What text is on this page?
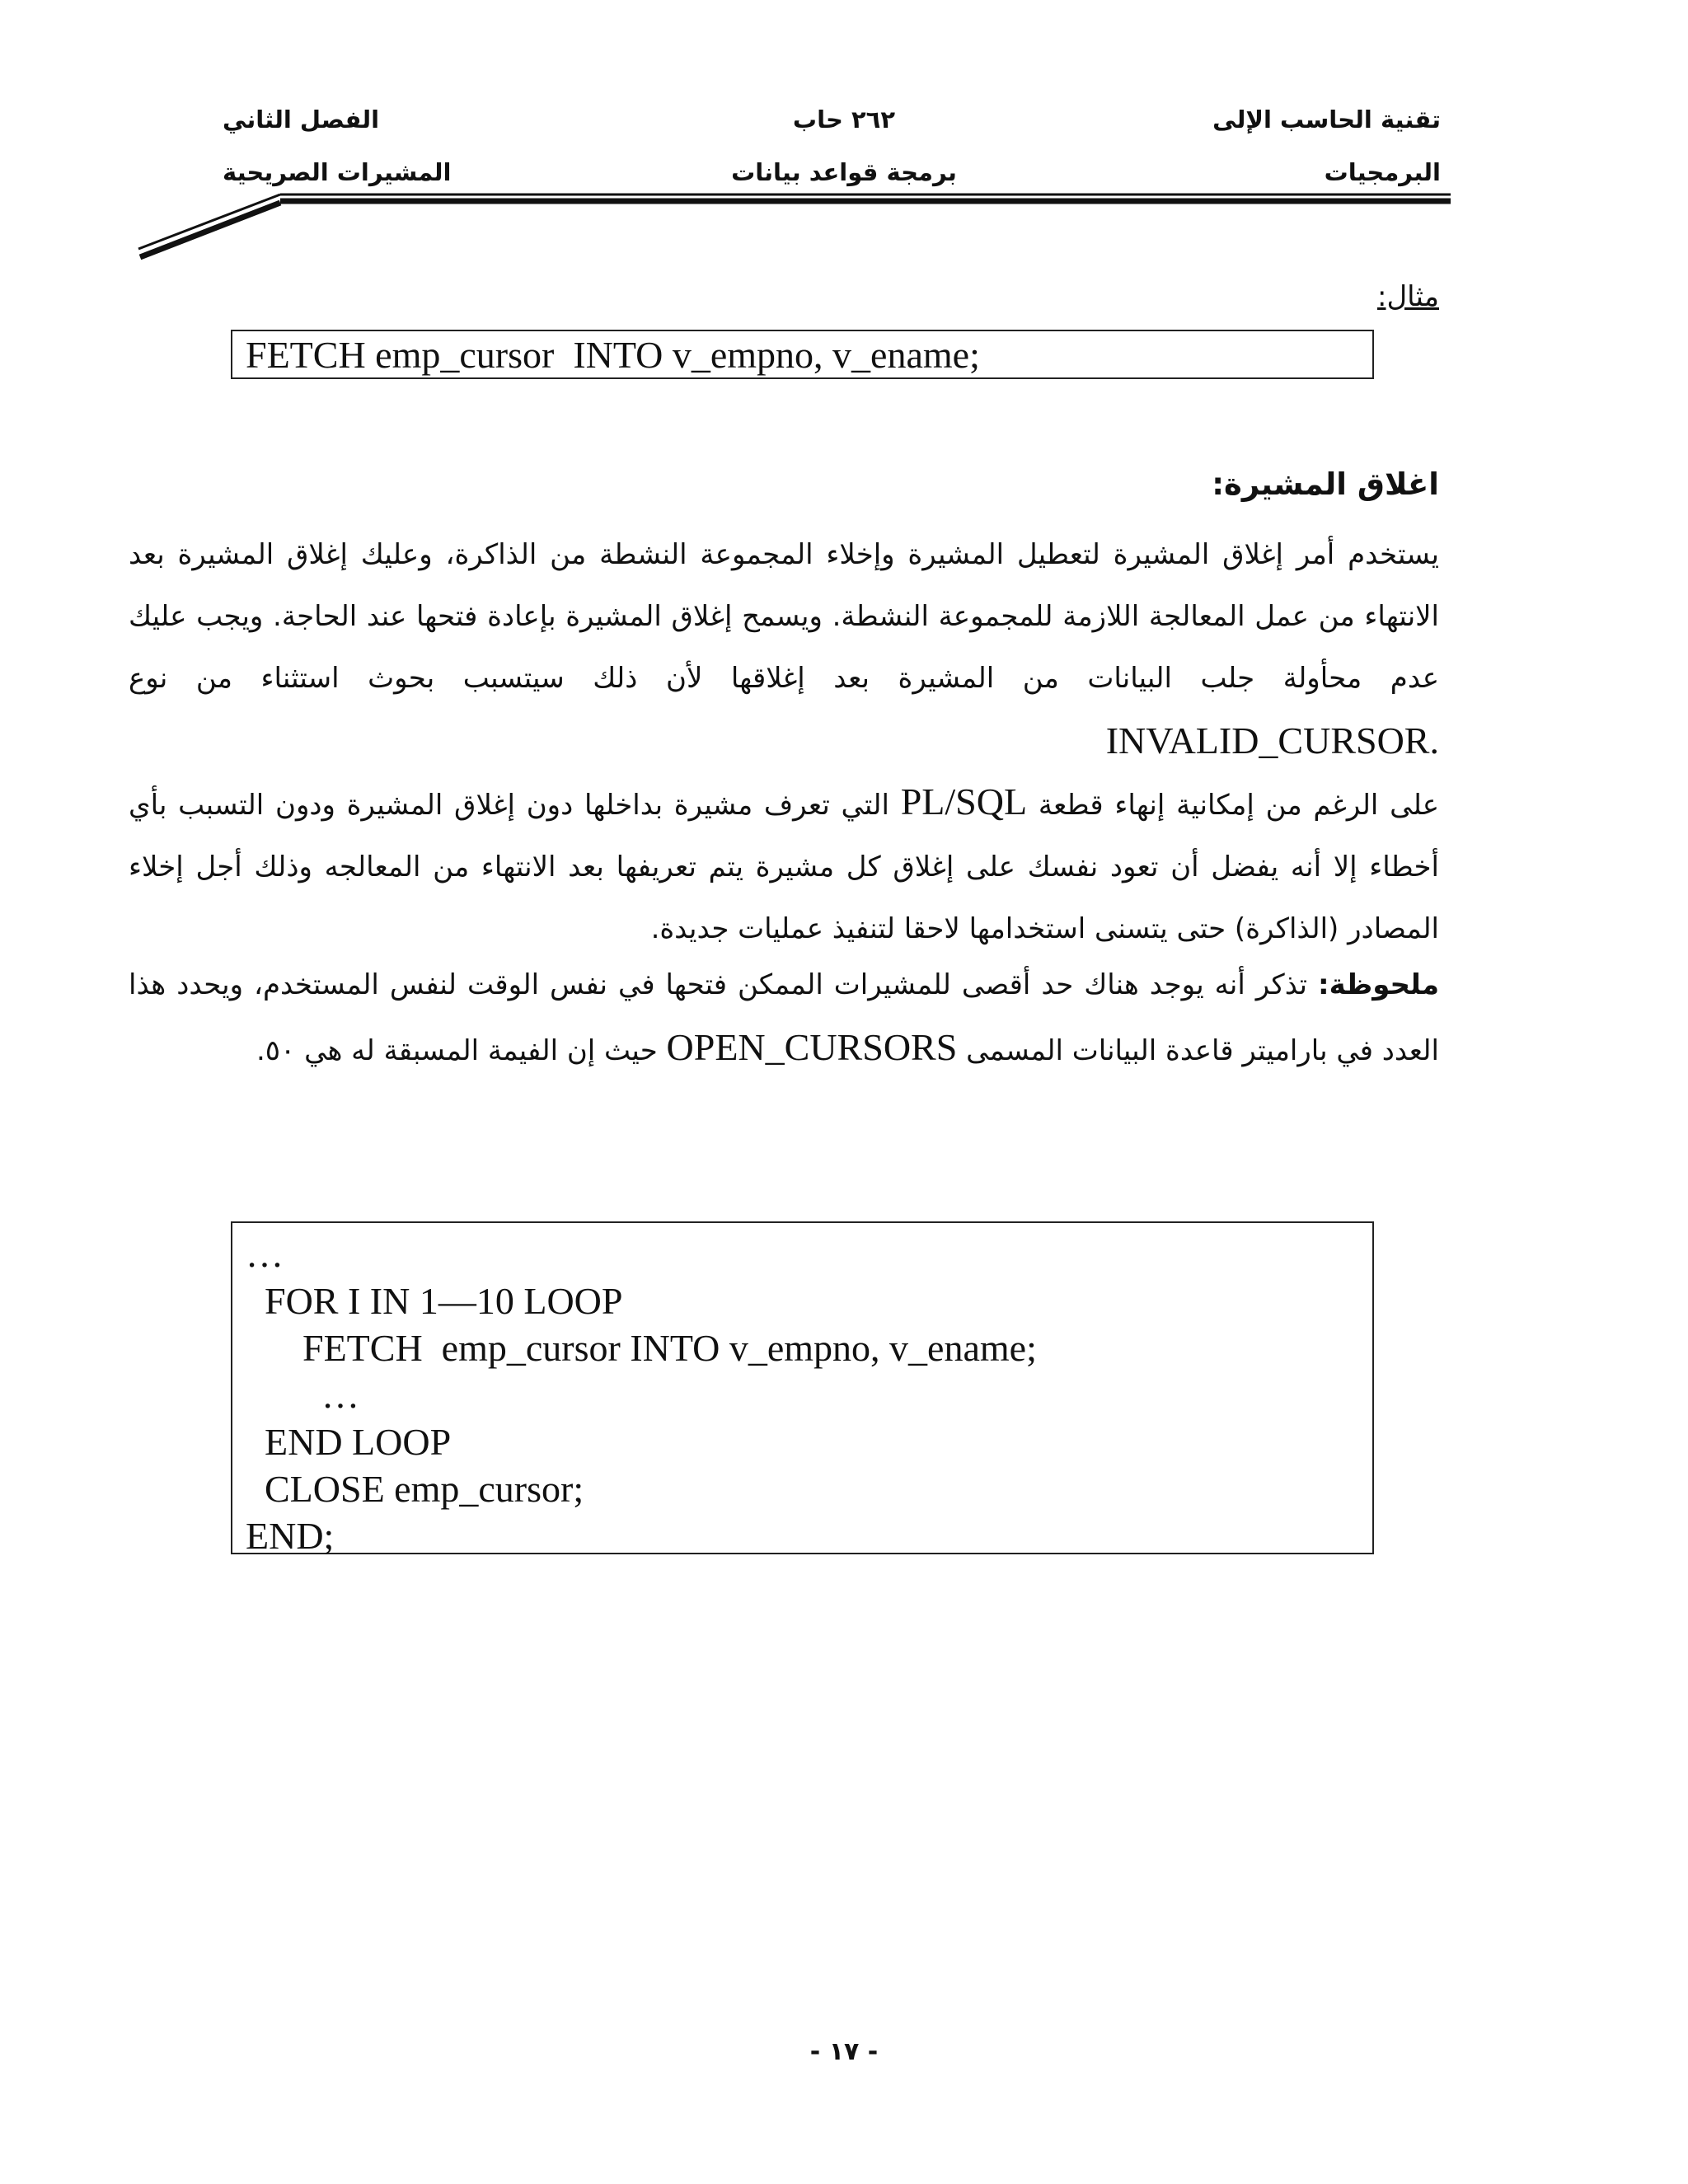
تقنية الحاسب الإلى
٢٦٢ حاب
الفصل الثاني
البرمجيات
برمجة قواعد بيانات
المشيرات الصريحية
مثال:
FETCH emp_cursor  INTO v_empno, v_ename;
اغلاق المشيرة:
يستخدم أمر إغلاق المشيرة لتعطيل المشيرة وإخلاء المجموعة النشطة من الذاكرة، وعليك إغلاق المشيرة بعد الانتهاء من عمل المعالجة اللازمة للمجموعة النشطة. ويسمح إغلاق المشيرة بإعادة فتحها عند الحاجة. ويجب عليك عدم محأولة جلب البيانات من المشيرة بعد إغلاقها لأن ذلك سيتسبب بحوث استثناء من نوع .INVALID_CURSOR
على الرغم من إمكانية إنهاء قطعة PL/SQL التي تعرف مشيرة بداخلها دون إغلاق المشيرة ودون التسبب بأي أخطاء إلا أنه يفضل أن تعود نفسك على إغلاق كل مشيرة يتم تعريفها بعد الانتهاء من المعالجه وذلك أجل إخلاء المصادر (الذاكرة) حتى يتسنى استخدامها لاحقا لتنفيذ عمليات جديدة.
ملحوظة: تذكر أنه يوجد هناك حد أقصى للمشيرات الممكن فتحها في نفس الوقت لنفس المستخدم، ويحدد هذا العدد في باراميتر قاعدة البيانات المسمى OPEN_CURSORS حيث إن الفيمة المسبقة له هي ٥٠.
…
FOR I IN 1—10 LOOP
FETCH  emp_cursor INTO v_empno, v_ename;
…
END LOOP
CLOSE emp_cursor;
END;
- ١٧ -
